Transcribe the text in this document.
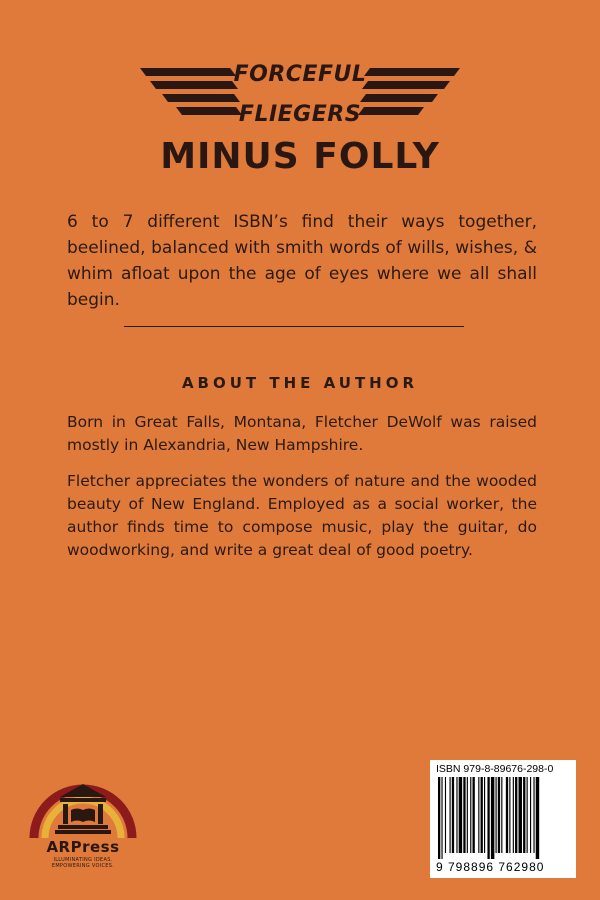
FORCEFUL
FLIEGERS
MINUS FOLLY

6 to 7 different ISBN’s find their ways together, beelined, balanced with smith words of wills, wishes, & whim afloat upon the age of eyes where we all shall begin.

ABOUT THE AUTHOR

Born in Great Falls, Montana, Fletcher DeWolf was raised mostly in Alexandria, New Hampshire.

Fletcher appreciates the wonders of nature and the wooded beauty of New England. Employed as a social worker, the author finds time to compose music, play the guitar, do woodworking, and write a great deal of good poetry.

ARPress
ILLUMINATING IDEAS.
EMPOWERING VOICES.
ISBN 979-8-89676-298-0
9 798896 762980
